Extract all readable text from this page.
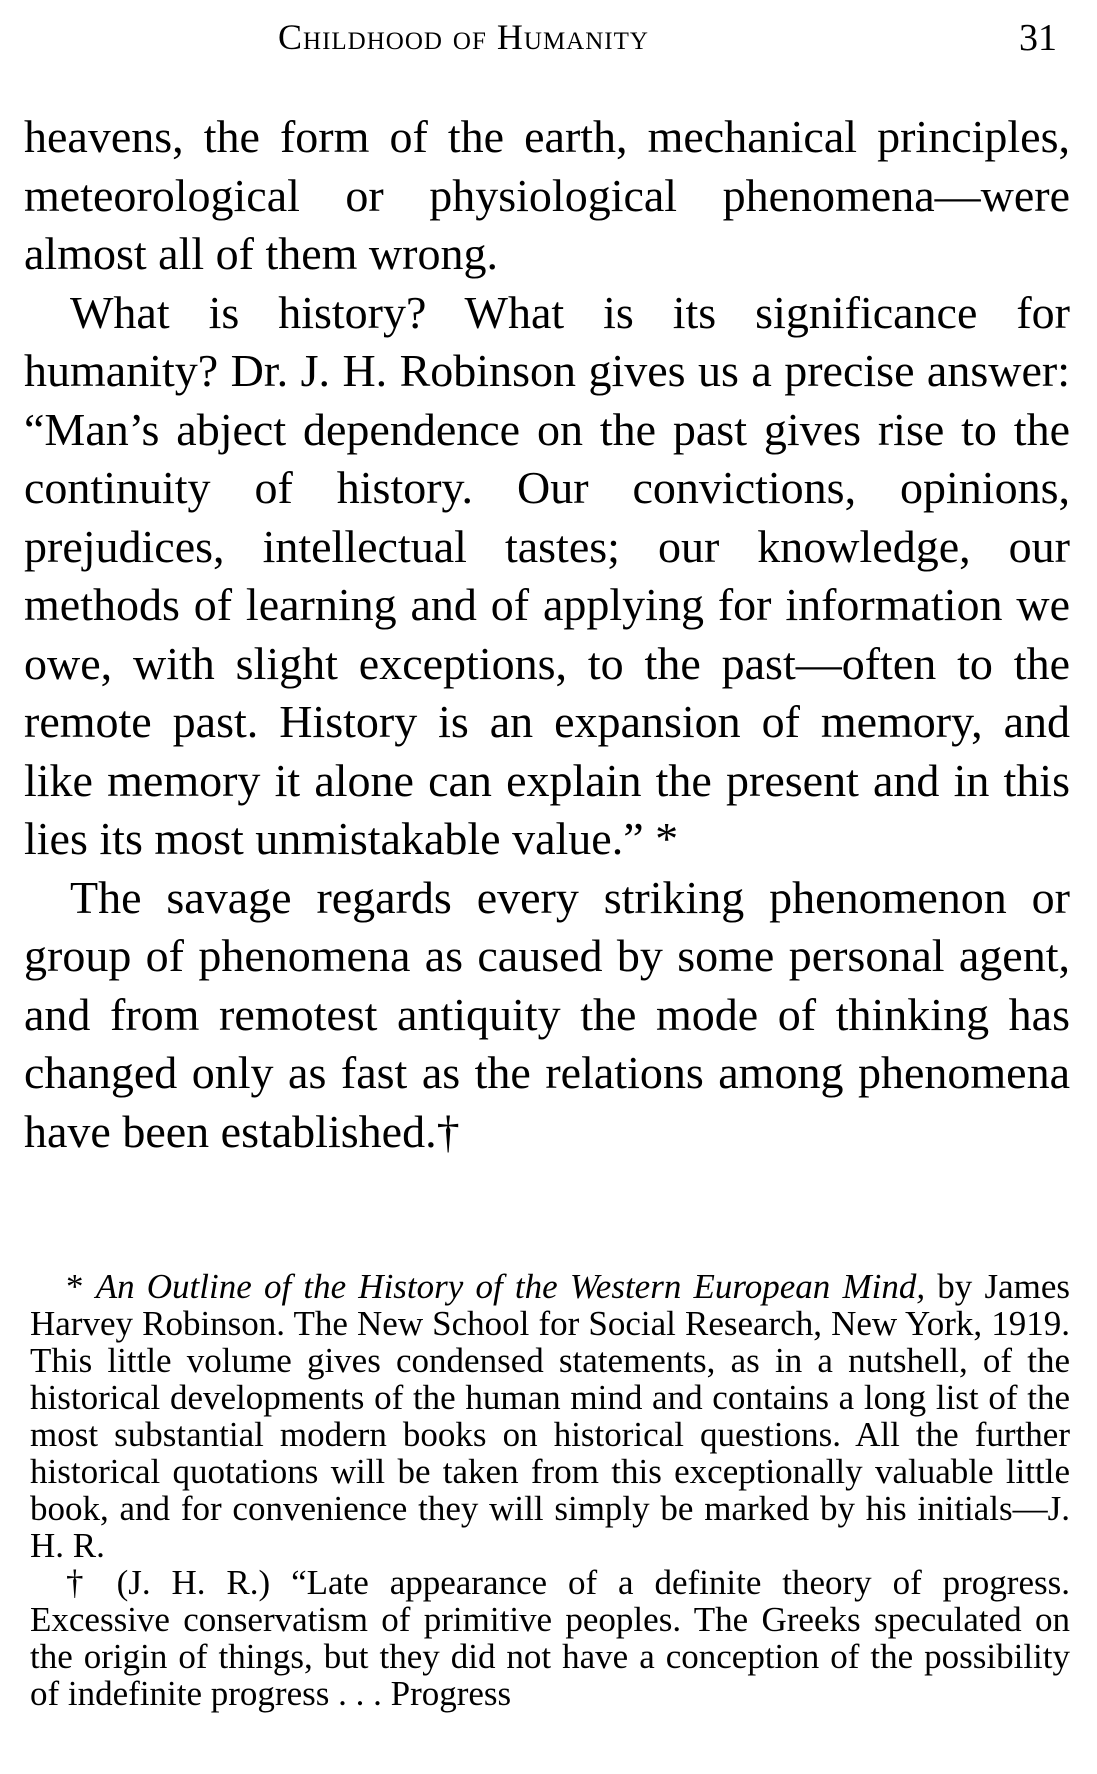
Childhood of Humanity	31

heavens, the form of the earth, mechanical principles, meteorological or physiological phenomena—were almost all of them wrong.

What is history? What is its significance for humanity? Dr. J. H. Robinson gives us a precise answer: “Man’s abject dependence on the past gives rise to the continuity of history. Our convictions, opinions, prejudices, intellectual tastes; our knowledge, our methods of learning and of applying for information we owe, with slight exceptions, to the past—often to the remote past. History is an expansion of memory, and like memory it alone can explain the present and in this lies its most unmistakable value.” *

The savage regards every striking phenomenon or group of phenomena as caused by some personal agent, and from remotest antiquity the mode of thinking has changed only as fast as the relations among phenomena have been established.†

* An Outline of the History of the Western European Mind, by James Harvey Robinson. The New School for Social Research, New York, 1919. This little volume gives condensed statements, as in a nutshell, of the historical developments of the human mind and contains a long list of the most substantial modern books on historical questions. All the further historical quotations will be taken from this exceptionally valuable little book, and for convenience they will simply be marked by his initials—J. H. R.

† (J. H. R.) “Late appearance of a definite theory of progress. Excessive conservatism of primitive peoples. The Greeks speculated on the origin of things, but they did not have a conception of the possibility of indefinite progress . . . Progress
